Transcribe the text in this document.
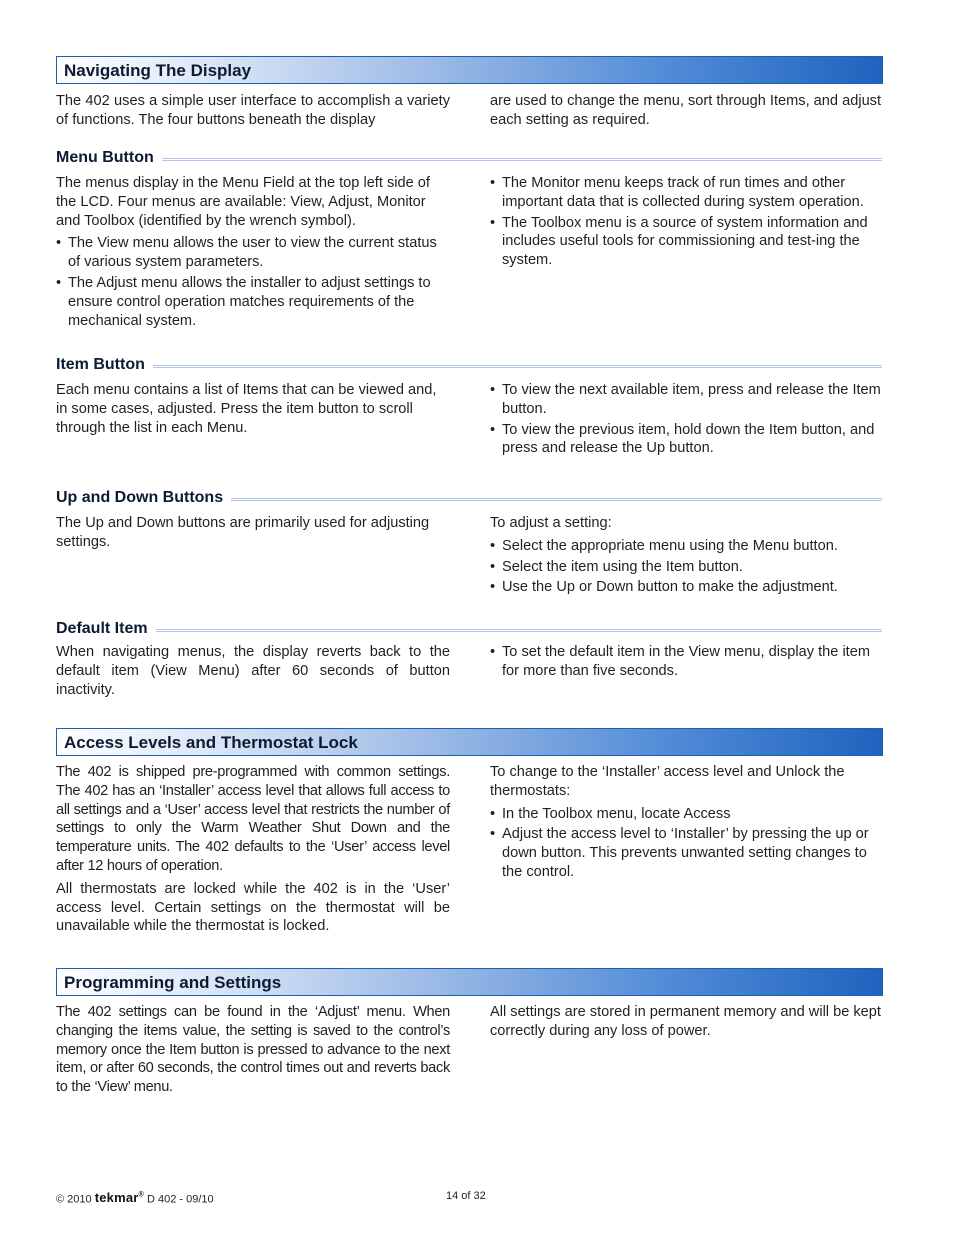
Navigating The Display

The 402 uses a simple user interface to accomplish a variety of functions. The four buttons beneath the display

are used to change the menu, sort through Items, and adjust each setting as required.

Menu Button

The menus display in the Menu Field at the top left side of the LCD. Four menus are available: View, Adjust, Monitor and Toolbox (identified by the wrench symbol).

• The View menu allows the user to view the current status of various system parameters.
• The Adjust menu allows the installer to adjust settings to ensure control operation matches requirements of the mechanical system.
• The Monitor menu keeps track of run times and other important data that is collected during system operation.
• The Toolbox menu is a source of system information and includes useful tools for commissioning and test-ing the system.
Item Button

Each menu contains a list of Items that can be viewed and, in some cases, adjusted. Press the item button to scroll through the list in each Menu.

• To view the next available item, press and release the Item button.
• To view the previous item, hold down the Item button, and press and release the Up button.
Up and Down Buttons

The Up and Down buttons are primarily used for adjusting settings.

To adjust a setting:

• Select the appropriate menu using the Menu button.
• Select the item using the Item button.
• Use the Up or Down button to make the adjustment.
Default Item

When navigating menus, the display reverts back to the default item (View Menu) after 60 seconds of button inactivity.

• To set the default item in the View menu, display the item for more than five seconds.
Access Levels and Thermostat Lock

The 402 is shipped pre-programmed with common settings. The 402 has an ‘Installer’ access level that allows full access to all settings and a ‘User’ access level that restricts the number of settings to only the Warm Weather Shut Down and the temperature units. The 402 defaults to the ‘User’ access level after 12 hours of operation.

All thermostats are locked while the 402 is in the ‘User’ access level. Certain settings on the thermostat will be unavailable while the thermostat is locked.

To change to the ‘Installer’ access level and Unlock the thermostats:

• In the Toolbox menu, locate Access
• Adjust the access level to ‘Installer’ by pressing the up or down button. This prevents unwanted setting changes to the control.
Programming and Settings

The 402 settings can be found in the ‘Adjust’ menu. When changing the items value, the setting is saved to the control’s memory once the Item button is pressed to advance to the next item, or after 60 seconds, the control times out and reverts back to the ‘View’ menu.

All settings are stored in permanent memory and will be kept correctly during any loss of power.

© 2010 tekmar® D 402 - 09/10	14 of 32
